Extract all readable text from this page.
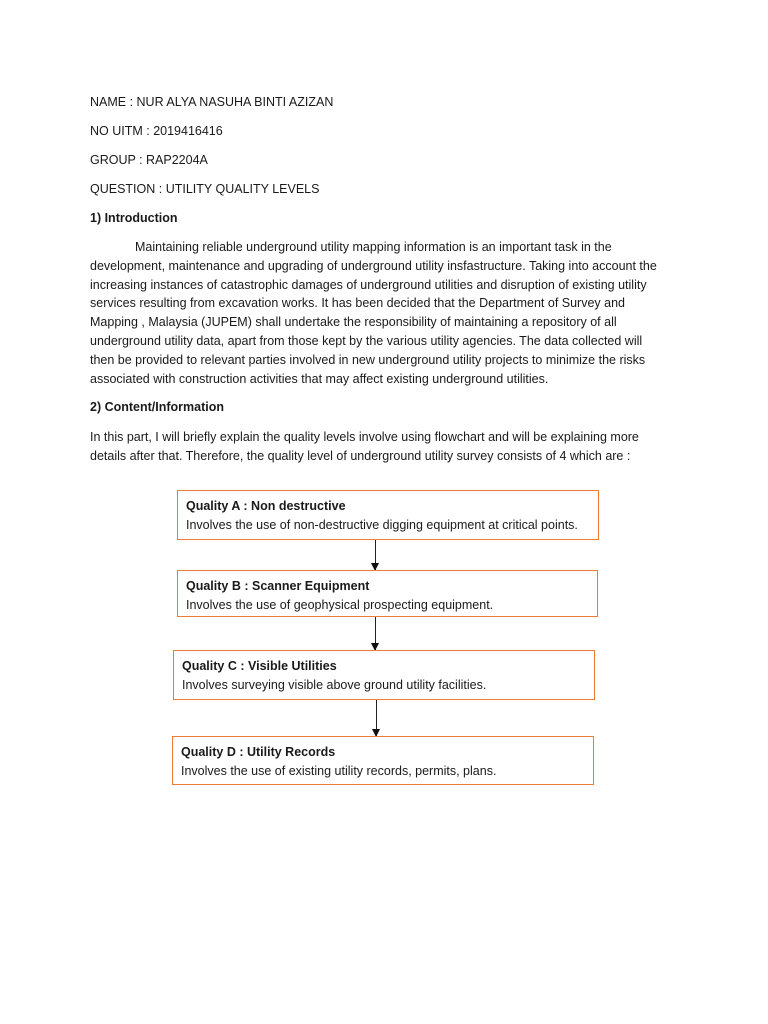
NAME : NUR ALYA NASUHA BINTI AZIZAN
NO UITM : 2019416416
GROUP : RAP2204A
QUESTION : UTILITY QUALITY LEVELS
1) Introduction
Maintaining reliable underground utility mapping information is an important task in the
development, maintenance and upgrading of underground utility insfastructure. Taking into account the
increasing instances of catastrophic damages of underground utilities and disruption of existing utility
services resulting from excavation works. It has been decided that the Department of Survey and
Mapping , Malaysia (JUPEM) shall undertake the responsibility of maintaining a repository of all
underground utility data, apart from those kept by the various utility agencies. The data collected will
then be provided to relevant parties involved in new underground utility projects to minimize the risks
associated with construction activities that may affect existing underground utilities.
2) Content/Information
In this part, I will briefly explain the quality levels involve using flowchart and will be explaining more
details after that. Therefore, the quality level of underground utility survey consists of 4 which are :
Quality A : Non destructive
Involves the use of non-destructive digging equipment at critical points.
Quality B : Scanner Equipment
Involves the use of geophysical prospecting equipment.
Quality C : Visible Utilities
Involves surveying visible above ground utility facilities.
Quality D : Utility Records
Involves the use of existing utility records, permits, plans.
